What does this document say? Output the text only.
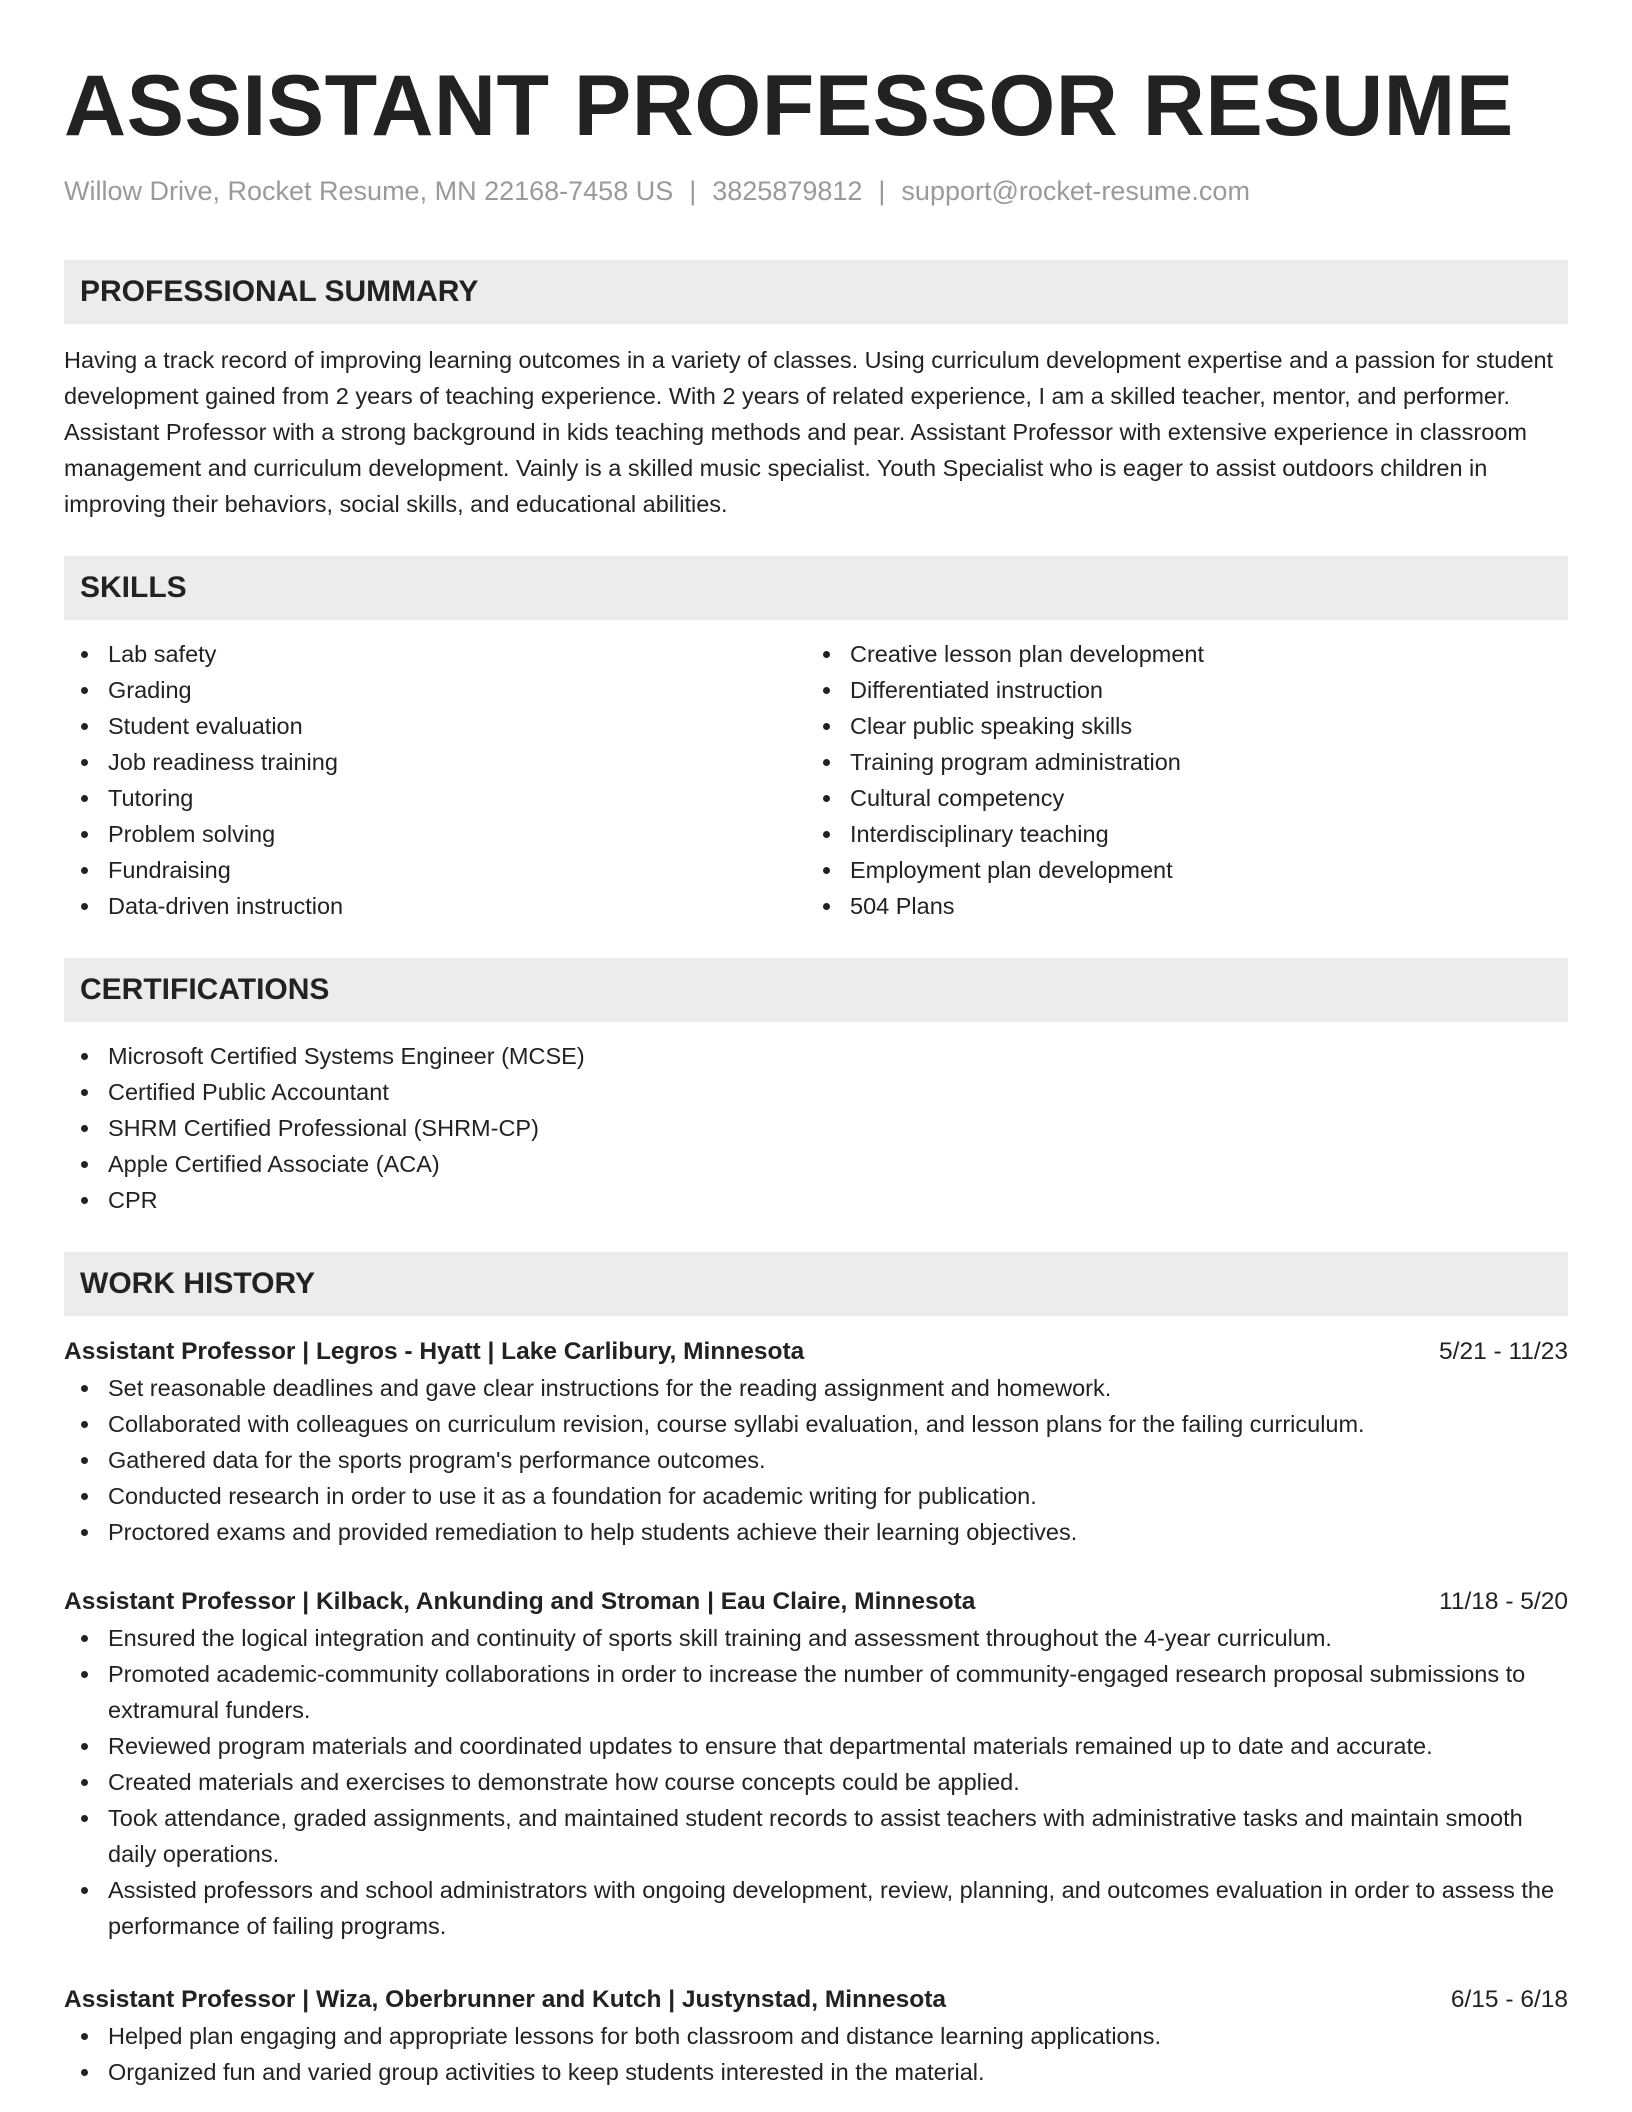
ASSISTANT PROFESSOR RESUME
Willow Drive, Rocket Resume, MN 22168-7458 US | 3825879812 | support@rocket-resume.com
PROFESSIONAL SUMMARY

Having a track record of improving learning outcomes in a variety of classes. Using curriculum development expertise and a passion for student development gained from 2 years of teaching experience. With 2 years of related experience, I am a skilled teacher, mentor, and performer. Assistant Professor with a strong background in kids teaching methods and pear. Assistant Professor with extensive experience in classroom management and curriculum development. Vainly is a skilled music specialist. Youth Specialist who is eager to assist outdoors children in improving their behaviors, social skills, and educational abilities.

SKILLS
Lab safety
Grading
Student evaluation
Job readiness training
Tutoring
Problem solving
Fundraising
Data-driven instruction
Creative lesson plan development
Differentiated instruction
Clear public speaking skills
Training program administration
Cultural competency
Interdisciplinary teaching
Employment plan development
504 Plans
CERTIFICATIONS
Microsoft Certified Systems Engineer (MCSE)
Certified Public Accountant
SHRM Certified Professional (SHRM-CP)
Apple Certified Associate (ACA)
CPR
WORK HISTORY
Assistant Professor | Legros - Hyatt | Lake Carlibury, Minnesota	5/21 - 11/23
Set reasonable deadlines and gave clear instructions for the reading assignment and homework.
Collaborated with colleagues on curriculum revision, course syllabi evaluation, and lesson plans for the failing curriculum.
Gathered data for the sports program's performance outcomes.
Conducted research in order to use it as a foundation for academic writing for publication.
Proctored exams and provided remediation to help students achieve their learning objectives.
Assistant Professor | Kilback, Ankunding and Stroman | Eau Claire, Minnesota	11/18 - 5/20
Ensured the logical integration and continuity of sports skill training and assessment throughout the 4-year curriculum.
Promoted academic-community collaborations in order to increase the number of community-engaged research proposal submissions to extramural funders.
Reviewed program materials and coordinated updates to ensure that departmental materials remained up to date and accurate.
Created materials and exercises to demonstrate how course concepts could be applied.
Took attendance, graded assignments, and maintained student records to assist teachers with administrative tasks and maintain smooth daily operations.
Assisted professors and school administrators with ongoing development, review, planning, and outcomes evaluation in order to assess the performance of failing programs.
Assistant Professor | Wiza, Oberbrunner and Kutch | Justynstad, Minnesota	6/15 - 6/18
Helped plan engaging and appropriate lessons for both classroom and distance learning applications.
Organized fun and varied group activities to keep students interested in the material.
